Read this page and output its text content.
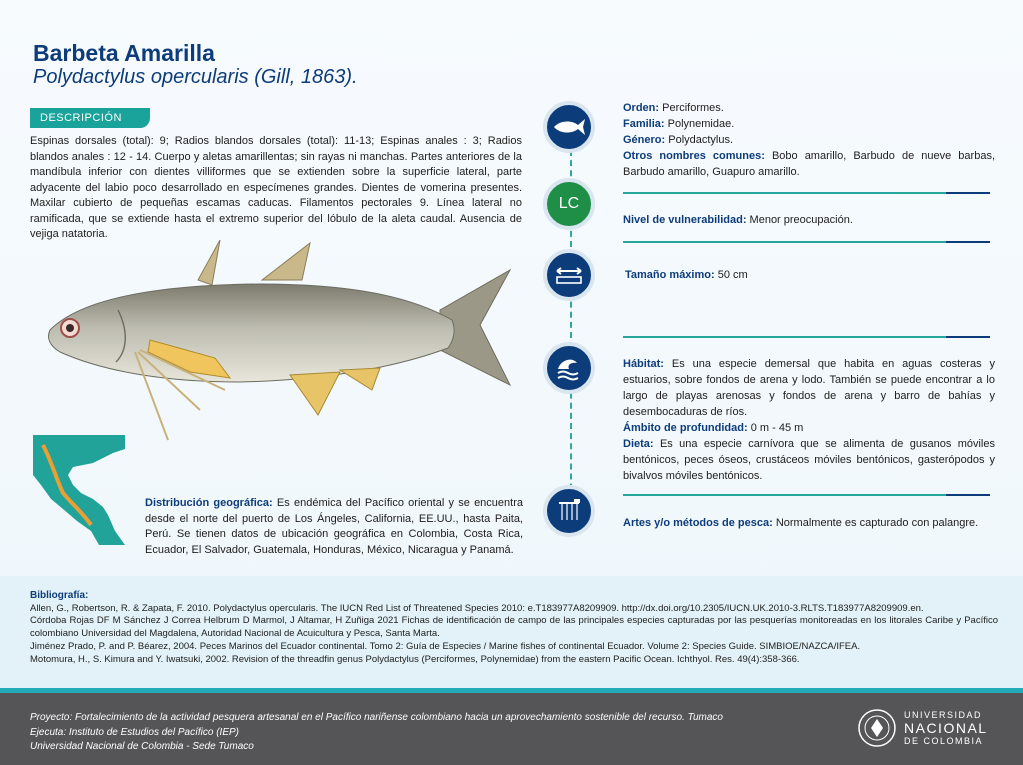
Barbeta Amarilla
Polydactylus opercularis (Gill, 1863).
DESCRIPCIÓN
Espinas dorsales (total): 9; Radios blandos dorsales (total): 11-13; Espinas anales : 3; Radios blandos anales : 12 - 14. Cuerpo y aletas amarillentas; sin rayas ni manchas. Partes anteriores de la mandíbula inferior con dientes villiformes que se extienden sobre la superficie lateral, parte adyacente del labio poco desarrollado en especímenes grandes. Dientes de vomerina presentes. Maxilar cubierto de pequeñas escamas caducas. Filamentos pectorales 9. Línea lateral no ramificada, que se extiende hasta el extremo superior del lóbulo de la aleta caudal. Ausencia de vejiga natatoria.
Distribución geográfica: Es endémica del Pacífico oriental y se encuentra desde el norte del puerto de Los Ángeles, California, EE.UU., hasta Paita, Perú. Se tienen datos de ubicación geográfica en Colombia, Costa Rica, Ecuador, El Salvador, Guatemala, Honduras, México, Nicaragua y Panamá.
LC
Orden: Perciformes.
Familia: Polynemidae.
Género: Polydactylus.
Otros nombres comunes: Bobo amarillo, Barbudo de nueve barbas, Barbudo amarillo, Guapuro amarillo.
Nivel de vulnerabilidad: Menor preocupación.
Tamaño máximo: 50 cm
Hábitat: Es una especie demersal que habita en aguas costeras y estuarios, sobre fondos de arena y lodo. También se puede encontrar a lo largo de playas arenosas y fondos de arena y barro de bahías y desembocaduras de ríos.
Ámbito de profundidad: 0 m - 45 m
Dieta: Es una especie carnívora que se alimenta de gusanos móviles bentónicos, peces óseos, crustáceos móviles bentónicos, gasterópodos y bivalvos móviles bentónicos.
Artes y/o métodos de pesca: Normalmente es capturado con palangre.
Bibliografía:
Allen, G., Robertson, R. & Zapata, F. 2010. Polydactylus opercularis. The IUCN Red List of Threatened Species 2010: e.T183977A8209909. http://dx.doi.org/10.2305/IUCN.UK.2010-3.RLTS.T183977A8209909.en.
Córdoba Rojas DF M Sánchez J Correa Helbrum D Marmol, J Altamar, H Zuñiga 2021 Fichas de identificación de campo de las principales especies capturadas por las pesquerías monitoreadas en los litorales Caribe y Pacífico colombiano Universidad del Magdalena, Autoridad Nacional de Acuicultura y Pesca, Santa Marta.
Jiménez Prado, P. and P. Béarez, 2004. Peces Marinos del Ecuador continental. Tomo 2: Guía de Especies / Marine fishes of continental Ecuador. Volume 2: Species Guide. SIMBIOE/NAZCA/IFEA.
Motomura, H., S. Kimura and Y. Iwatsuki, 2002. Revision of the threadfin genus Polydactylus (Perciformes, Polynemidae) from the eastern Pacific Ocean. Ichthyol. Res. 49(4):358-366.
Proyecto: Fortalecimiento de la actividad pesquera artesanal en el Pacífico nariñense colombiano hacia un aprovechamiento sostenible del recurso. Tumaco
Ejecuta: Instituto de Estudios del Pacífico (IEP)
Universidad Nacional de Colombia - Sede Tumaco
UNIVERSIDAD
NACIONAL
DE COLOMBIA
